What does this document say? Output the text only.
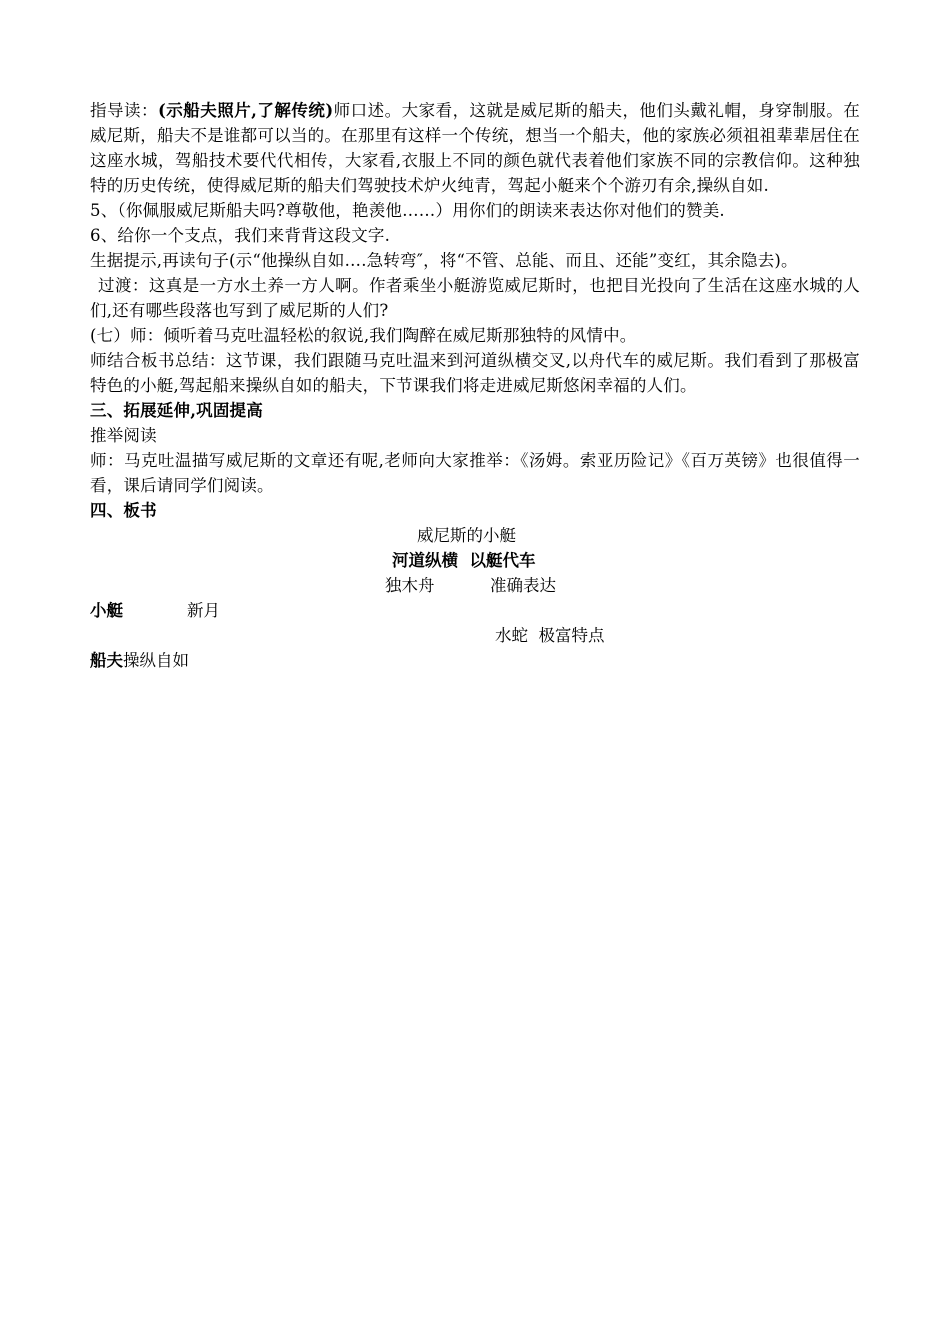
指导读：(示船夫照片,了解传统)师口述。大家看，这就是威尼斯的船夫，他们头戴礼帽，身穿制服。在威尼斯，船夫不是谁都可以当的。在那里有这样一个传统，想当一个船夫，他的家族必须祖祖辈辈居住在这座水城，驾船技术要代代相传，大家看,衣服上不同的颜色就代表着他们家族不同的宗教信仰。这种独特的历史传统，使得威尼斯的船夫们驾驶技术炉火纯青，驾起小艇来个个游刃有余,操纵自如.

5、（你佩服威尼斯船夫吗?尊敬他，艳羡他……）用你们的朗读来表达你对他们的赞美.

6、给你一个支点，我们来背背这段文字.

生据提示,再读句子(示“他操纵自如….急转弯″，将“不管、总能、而且、还能”变红，其余隐去)。

过渡：这真是一方水土养一方人啊。作者乘坐小艇游览威尼斯时，也把目光投向了生活在这座水城的人们,还有哪些段落也写到了威尼斯的人们?

(七）师：倾听着马克吐温轻松的叙说,我们陶醉在威尼斯那独特的风情中。

师结合板书总结：这节课，我们跟随马克吐温来到河道纵横交叉,以舟代车的威尼斯。我们看到了那极富特色的小艇,驾起船来操纵自如的船夫，下节课我们将走进威尼斯悠闲幸福的人们。

三、拓展延伸,巩固提高

推举阅读

师：马克吐温描写威尼斯的文章还有呢,老师向大家推举：《汤姆。索亚历险记》《百万英镑》也很值得一看，课后请同学们阅读。

四、板书

威尼斯的小艇
河道纵横  以艇代车
独木舟	准确表达
小艇	新月
水蛇  极富特点
船夫操纵自如
